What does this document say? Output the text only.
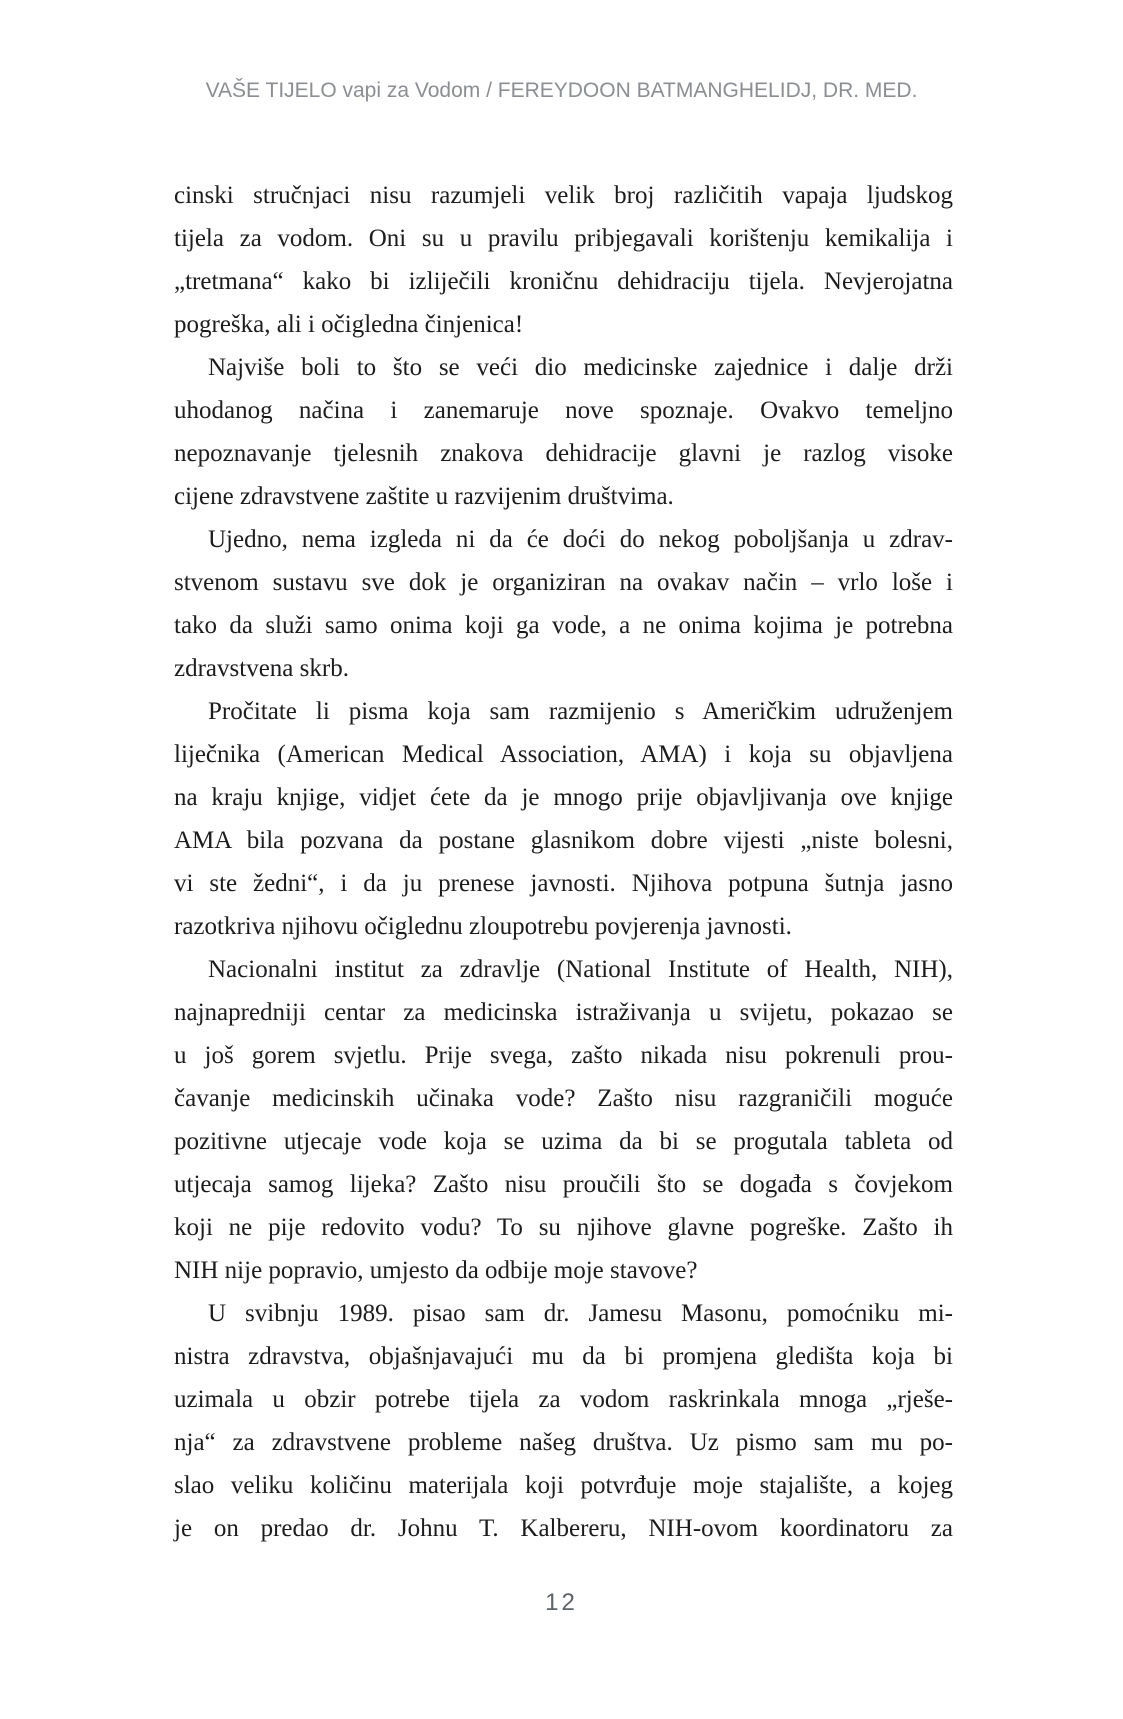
VAŠE TIJELO vapi za Vodom / FEREYDOON BATMANGHELIDJ, DR. MED.
cinski stručnjaci nisu razumjeli velik broj različitih vapaja ljudskog
tijela za vodom. Oni su u pravilu pribjegavali korištenju kemikalija i
„tretmana“ kako bi izliječili kroničnu dehidraciju tijela. Nevjerojatna
pogreška, ali i očigledna činjenica!
Najviše boli to što se veći dio medicinske zajednice i dalje drži
uhodanog načina i zanemaruje nove spoznaje. Ovakvo temeljno
nepoznavanje tjelesnih znakova dehidracije glavni je razlog visoke
cijene zdravstvene zaštite u razvijenim društvima.
Ujedno, nema izgleda ni da će doći do nekog poboljšanja u zdrav-
stvenom sustavu sve dok je organiziran na ovakav način – vrlo loše i
tako da služi samo onima koji ga vode, a ne onima kojima je potrebna
zdravstvena skrb.
Pročitate li pisma koja sam razmijenio s Američkim udruženjem
liječnika (American Medical Association, AMA) i koja su objavljena
na kraju knjige, vidjet ćete da je mnogo prije objavljivanja ove knjige
AMA bila pozvana da postane glasnikom dobre vijesti „niste bolesni,
vi ste žedni“, i da ju prenese javnosti. Njihova potpuna šutnja jasno
razotkriva njihovu očiglednu zloupotrebu povjerenja javnosti.
Nacionalni institut za zdravlje (National Institute of Health, NIH),
najnapredniji centar za medicinska istraživanja u svijetu, pokazao se
u još gorem svjetlu. Prije svega, zašto nikada nisu pokrenuli prou-
čavanje medicinskih učinaka vode? Zašto nisu razgraničili moguće
pozitivne utjecaje vode koja se uzima da bi se progutala tableta od
utjecaja samog lijeka? Zašto nisu proučili što se događa s čovjekom
koji ne pije redovito vodu? To su njihove glavne pogreške. Zašto ih
NIH nije popravio, umjesto da odbije moje stavove?
U svibnju 1989. pisao sam dr. Jamesu Masonu, pomoćniku mi-
nistra zdravstva, objašnjavajući mu da bi promjena gledišta koja bi
uzimala u obzir potrebe tijela za vodom raskrinkala mnoga „rješe-
nja“ za zdravstvene probleme našeg društva. Uz pismo sam mu po-
slao veliku količinu materijala koji potvrđuje moje stajalište, a kojeg
je on predao dr. Johnu T. Kalbereru, NIH-ovom koordinatoru za
12
